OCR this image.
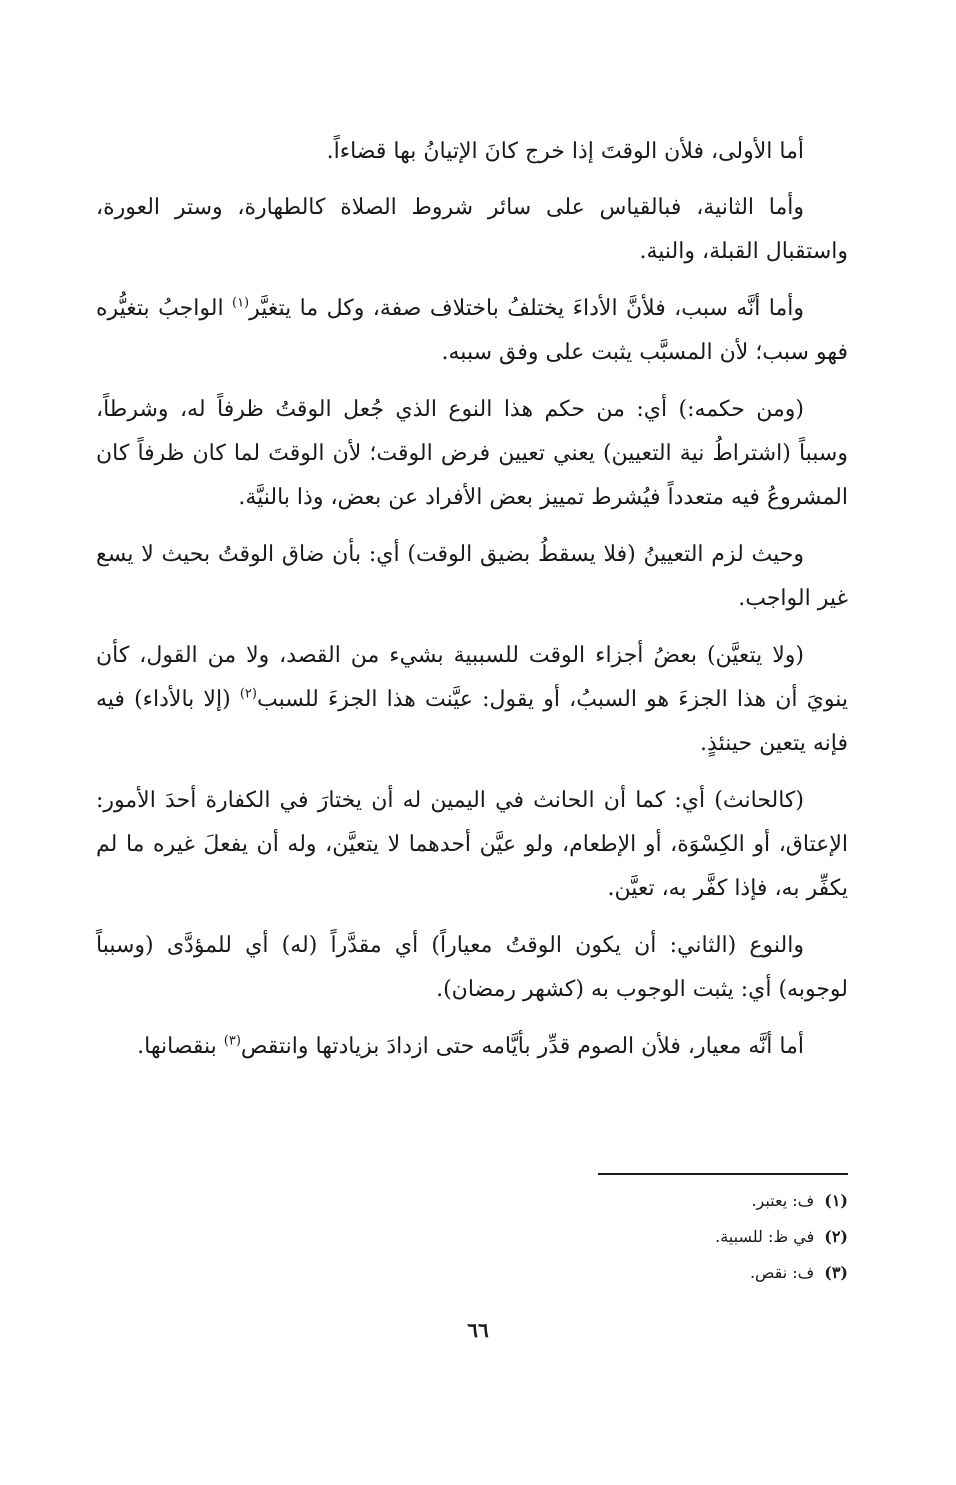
أما الأولى، فلأن الوقتَ إذا خرج كانَ الإتيانُ بها قضاءاً.

وأما الثانية، فبالقياس على سائر شروط الصلاة كالطهارة، وستر العورة، واستقبال القبلة، والنية.

وأما أنَّه سبب، فلأنَّ الأداءَ يختلفُ باختلاف صفة، وكل ما يتغيَّر$^{(١)}$ الواجبُ بتغيُّره فهو سبب؛ لأن المسبَّب يثبت على وفق سببه.

(ومن حكمه:) أي: من حكم هذا النوع الذي جُعل الوقتُ ظرفاً له، وشرطاً، وسبباً (اشتراطُ نية التعيين) يعني تعيين فرض الوقت؛ لأن الوقتَ لما كان ظرفاً كان المشروعُ فيه متعدداً فيُشرط تمييز بعض الأفراد عن بعض، وذا بالنيَّة.

وحيث لزم التعيينُ (فلا يسقطُ بضيق الوقت) أي: بأن ضاق الوقتُ بحيث لا يسع غير الواجب.

(ولا يتعيَّن) بعضُ أجزاء الوقت للسببية بشيء من القصد، ولا من القول، كأن ينويَ أن هذا الجزءَ هو السببُ، أو يقول: عيَّنت هذا الجزءَ للسبب$^{(٢)}$ (إلا بالأداء) فيه فإنه يتعين حينئذٍ.

(كالحانث) أي: كما أن الحانث في اليمين له أن يختارَ في الكفارة أحدَ الأمور: الإعتاق، أو الكِسْوَة، أو الإطعام، ولو عيَّن أحدهما لا يتعيَّن، وله أن يفعلَ غيره ما لم يكفِّر به، فإذا كفَّر به، تعيَّن.

والنوع (الثاني: أن يكون الوقتُ معياراً) أي مقدَّراً (له) أي للمؤدَّى (وسبباً لوجوبه) أي: يثبت الوجوب به (كشهر رمضان).

أما أنَّه معيار، فلأن الصوم قدِّر بأيَّامه حتى ازدادَ بزيادتها وانتقص$^{(٣)}$ بنقصانها.

(١)ف: يعتبر.

(٢)في ظ: للسبية.

(٣)ف: نقص.

٦٦
